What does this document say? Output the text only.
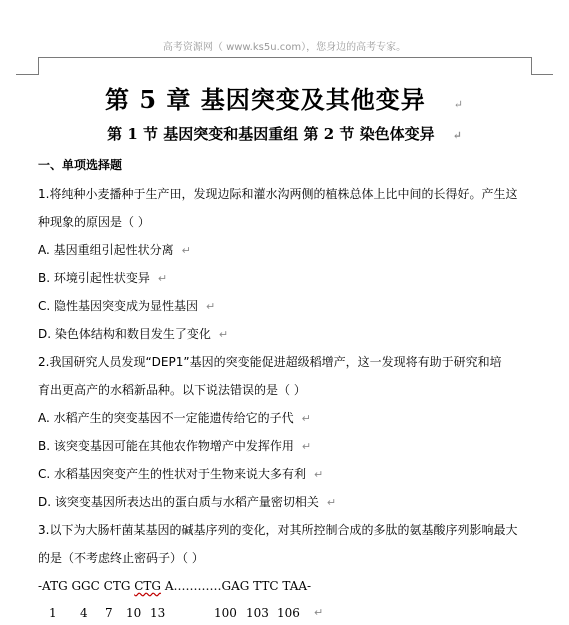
高考资源网（ www.ks5u.com），您身边的高考专家。
第 5 章 基因突变及其他变异	↵
第 1 节 基因突变和基因重组 第 2 节 染色体变异 ↵
一、单项选择题
1.将纯种小麦播种于生产田，发现边际和灌水沟两侧的植株总体上比中间的长得好。产生这
种现象的原因是（ ）
A. 基因重组引起性状分离 ↵
B. 环境引起性状变异 ↵
C. 隐性基因突变成为显性基因 ↵
D. 染色体结构和数目发生了变化 ↵
2.我国研究人员发现“DEP1”基因的突变能促进超级稻增产，这一发现将有助于研究和培
育出更高产的水稻新品种。以下说法错误的是（ ）
A. 水稻产生的突变基因不一定能遗传给它的子代 ↵
B. 该突变基因可能在其他农作物增产中发挥作用 ↵
C. 水稻基因突变产生的性状对于生物来说大多有利 ↵
D. 该突变基因所表达出的蛋白质与水稻产量密切相关 ↵
3.以下为大肠杆菌某基因的碱基序列的变化，对其所控制合成的多肽的氨基酸序列影响最大
的是（不考虑终止密码子）（ ）
-ATG GGC CTG CTG A…………GAG TTC TAA-
1 4 7 10 13	100 103 106 ↵
